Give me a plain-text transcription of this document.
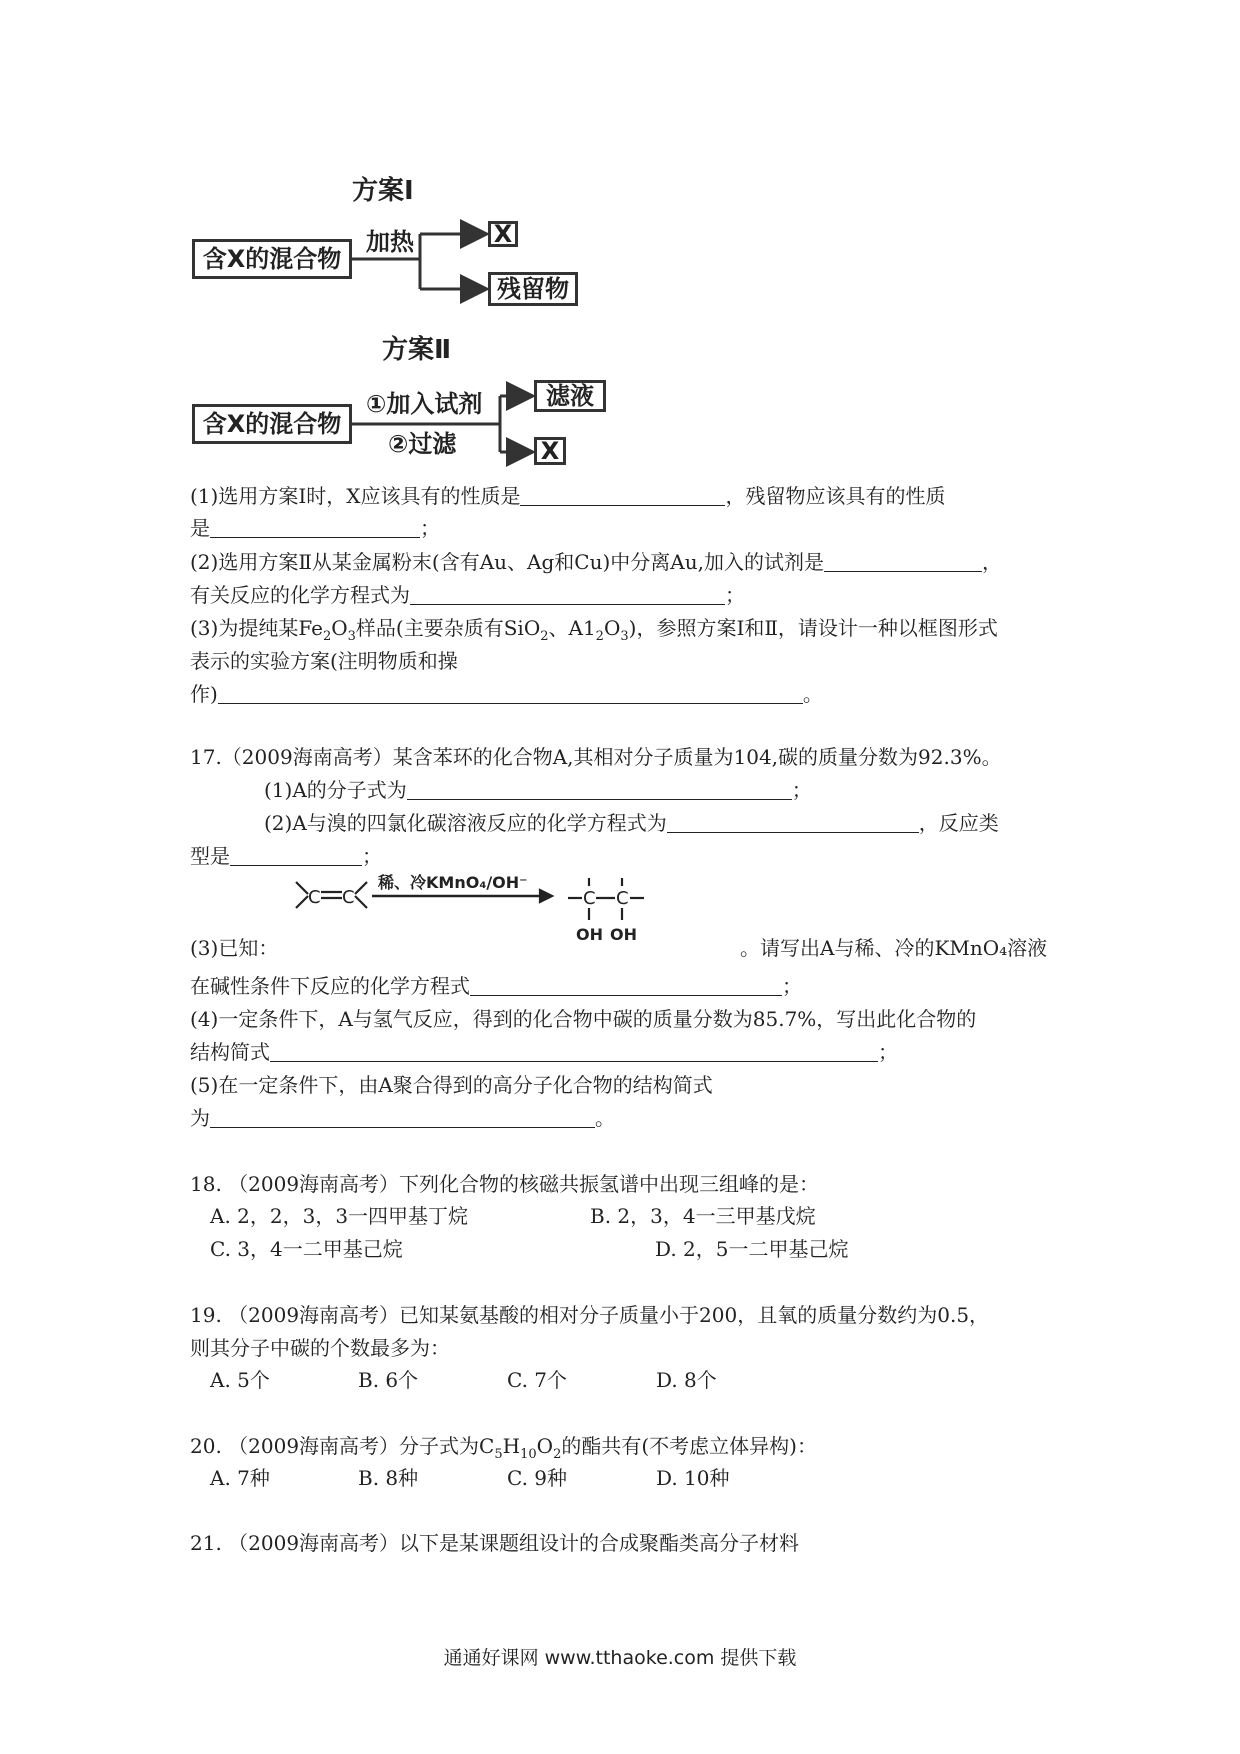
方案Ⅰ
含X的混合物
加热	X
残留物
方案Ⅱ
含X的混合物
①加入试剂
②过滤
滤液
X
(1)选用方案Ⅰ时，X应该具有的性质是	，残留物应该具有的性质
是	；
(2)选用方案Ⅱ从某金属粉末(含有Au、Ag和Cu)中分离Au,加入的试剂是	，
有关反应的化学方程式为	；
(3)为提纯某$Fe_2O_3$样品(主要杂质有SiO$_2$、$A1_2O_3$)，参照方案Ⅰ和Ⅱ，请设计一种以框图形式
表示的实验方案(注明物质和操
作)	。
17.（2009海南高考）某含苯环的化合物A,其相对分子质量为104,碳的质量分数为92.3%。
(1)A的分子式为	；
(2)A与溴的四氯化碳溶液反应的化学方程式为	，反应类
型是	；
C C	C C
稀、冷KMnO₄/OH⁻
OH OH
(3)已知：	。请写出A与稀、冷的KMnO₄溶液
在碱性条件下反应的化学方程式	；
(4)一定条件下，A与氢气反应，得到的化合物中碳的质量分数为85.7%，写出此化合物的
结构简式	；
(5)在一定条件下，由A聚合得到的高分子化合物的结构简式
为	。
18. （2009海南高考）下列化合物的核磁共振氢谱中出现三组峰的是：
A. 2，2，3，3一四甲基丁烷	B. 2，3，4一三甲基戊烷
C. 3，4一二甲基己烷	D. 2，5一二甲基己烷
19. （2009海南高考）已知某氨基酸的相对分子质量小于200，且氧的质量分数约为0.5，
则其分子中碳的个数最多为：
A. 5个	B. 6个	C. 7个	D. 8个
20. （2009海南高考）分子式为$C_5H_{10}O_2$的酯共有(不考虑立体异构)：
A. 7种	B. 8种	C. 9种	D. 10种
21. （2009海南高考）以下是某课题组设计的合成聚酯类高分子材料
通通好课网 www.tthaoke.com 提供下载
